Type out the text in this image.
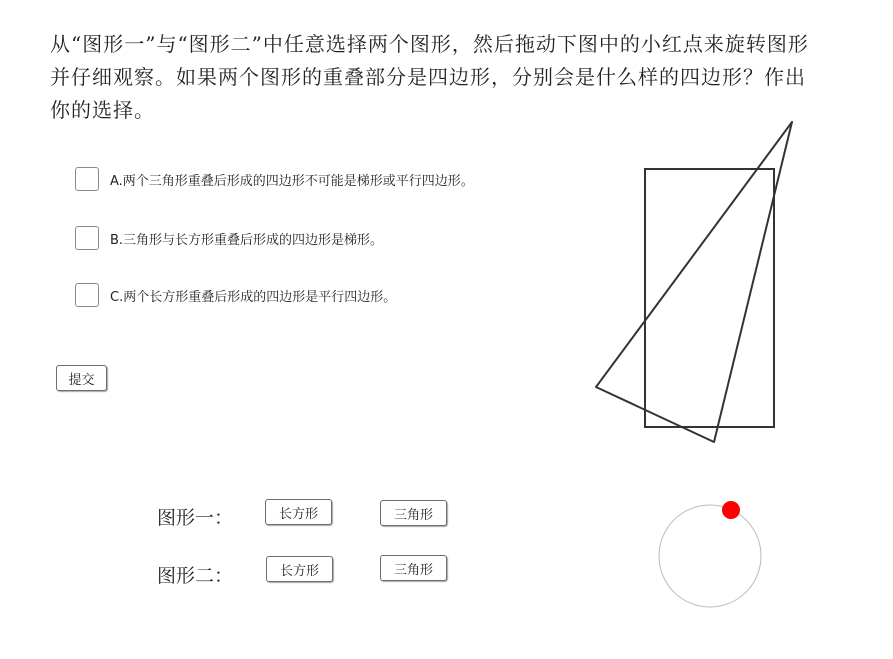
从“图形一”与“图形二”中任意选择两个图形，然后拖动下图中的小红点来旋转图形并仔细观察。如果两个图形的重叠部分是四边形，分别会是什么样的四边形？作出你的选择。

A.两个三角形重叠后形成的四边形不可能是梯形或平行四边形。
B.三角形与长方形重叠后形成的四边形是梯形。
C.两个长方形重叠后形成的四边形是平行四边形。
提交
图形一：	长方形	三角形
图形二：	长方形	三角形
